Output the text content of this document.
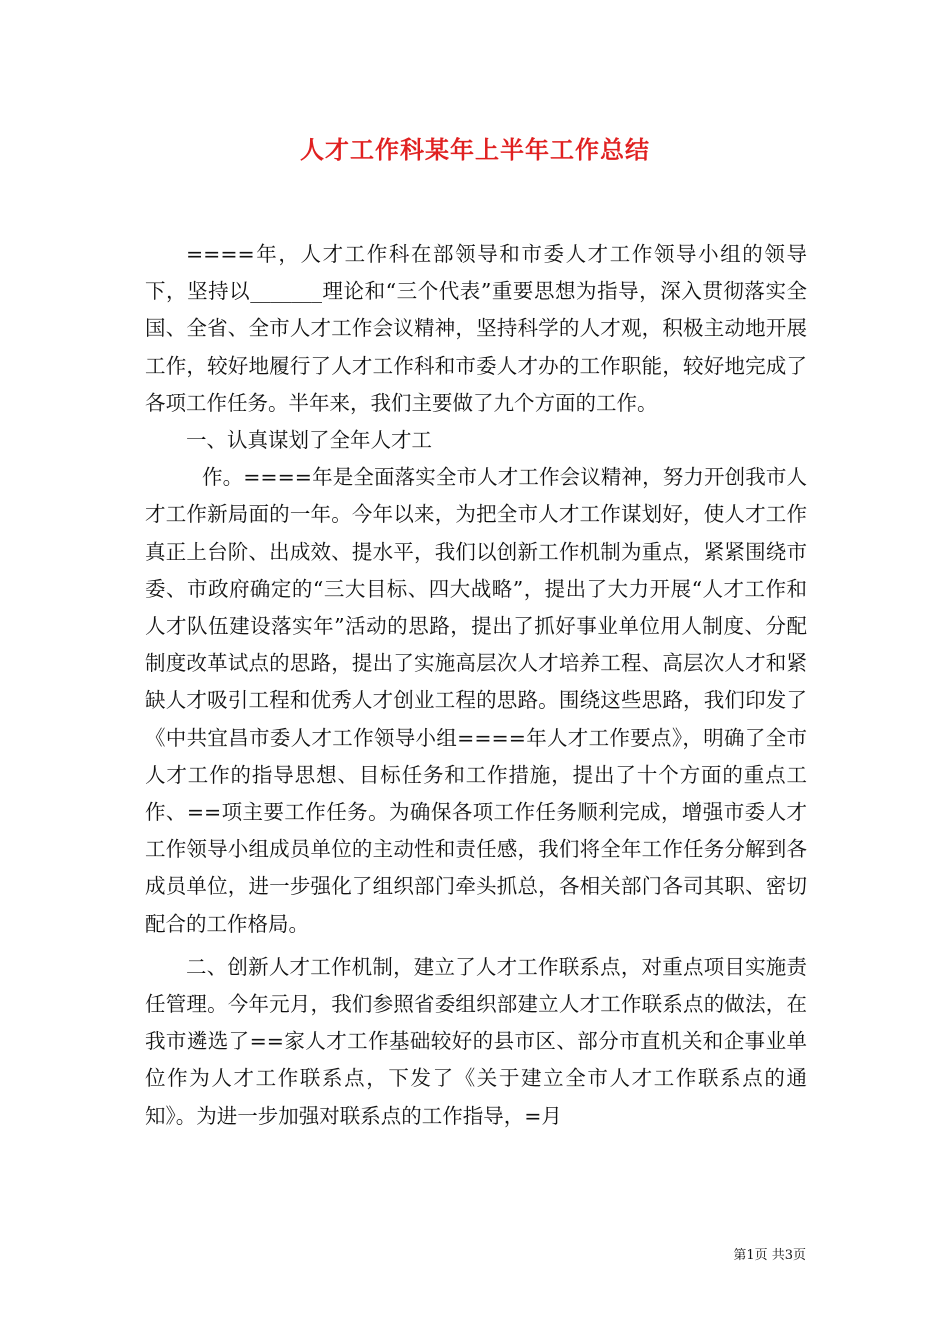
人才工作科某年上半年工作总结

====年，人才工作科在部领导和市委人才工作领导小组的领导下，坚持以_______理论和“三个代表”重要思想为指导，深入贯彻落实全国、全省、全市人才工作会议精神，坚持科学的人才观，积极主动地开展工作，较好地履行了人才工作科和市委人才办的工作职能，较好地完成了各项工作任务。半年来，我们主要做了九个方面的工作。

一、认真谋划了全年人才工

作。====年是全面落实全市人才工作会议精神，努力开创我市人才工作新局面的一年。今年以来，为把全市人才工作谋划好，使人才工作真正上台阶、出成效、提水平，我们以创新工作机制为重点，紧紧围绕市委、市政府确定的“三大目标、四大战略”，提出了大力开展“人才工作和人才队伍建设落实年”活动的思路，提出了抓好事业单位用人制度、分配制度改革试点的思路，提出了实施高层次人才培养工程、高层次人才和紧缺人才吸引工程和优秀人才创业工程的思路。围绕这些思路，我们印发了《中共宜昌市委人才工作领导小组====年人才工作要点》，明确了全市人才工作的指导思想、目标任务和工作措施，提出了十个方面的重点工作、==项主要工作任务。为确保各项工作任务顺利完成，增强市委人才工作领导小组成员单位的主动性和责任感，我们将全年工作任务分解到各成员单位，进一步强化了组织部门牵头抓总，各相关部门各司其职、密切配合的工作格局。

二、创新人才工作机制，建立了人才工作联系点，对重点项目实施责任管理。今年元月，我们参照省委组织部建立人才工作联系点的做法，在我市遴选了==家人才工作基础较好的县市区、部分市直机关和企事业单位作为人才工作联系点，下发了《关于建立全市人才工作联系点的通知》。为进一步加强对联系点的工作指导，=月

第1页 共3页
